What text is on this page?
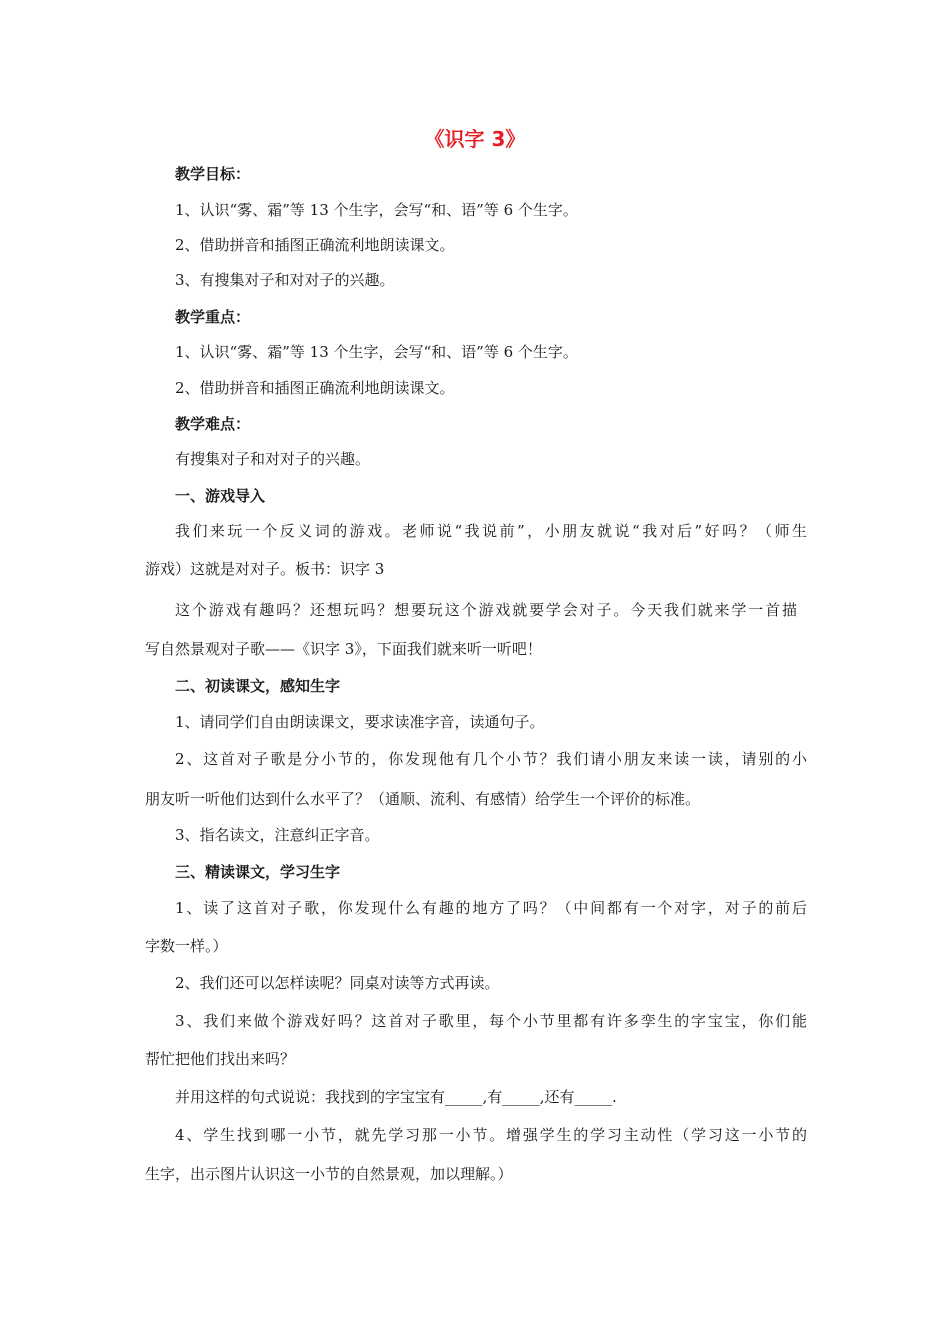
《识字 3》
教学目标：
1、认识“雾、霜”等 13 个生字，会写“和、语”等 6 个生字。
2、借助拼音和插图正确流利地朗读课文。
3、有搜集对子和对对子的兴趣。
教学重点：
1、认识“雾、霜”等 13 个生字，会写“和、语”等 6 个生字。
2、借助拼音和插图正确流利地朗读课文。
教学难点：
有搜集对子和对对子的兴趣。
一、游戏导入
我们来玩一个反义词的游戏。老师说“我说前”，小朋友就说“我对后”好吗？（师生
游戏）这就是对对子。板书：识字 3
这个游戏有趣吗？还想玩吗？想要玩这个游戏就要学会对子。今天我们就来学一首描
写自然景观对子歌——《识字 3》，下面我们就来听一听吧！
二、初读课文，感知生字
1、请同学们自由朗读课文，要求读准字音，读通句子。
2、这首对子歌是分小节的，你发现他有几个小节？我们请小朋友来读一读，请别的小
朋友听一听他们达到什么水平了？（通顺、流利、有感情）给学生一个评价的标准。
3、指名读文，注意纠正字音。
三、精读课文，学习生字
1、读了这首对子歌，你发现什么有趣的地方了吗？（中间都有一个对字，对子的前后
字数一样。）
2、我们还可以怎样读呢？同桌对读等方式再读。
3、我们来做个游戏好吗？这首对子歌里，每个小节里都有许多孪生的字宝宝，你们能
帮忙把他们找出来吗？
并用这样的句式说说：我找到的字宝宝有_____,有_____,还有_____.
4、学生找到哪一小节，就先学习那一小节。增强学生的学习主动性（学习这一小节的
生字，出示图片认识这一小节的自然景观，加以理解。）
